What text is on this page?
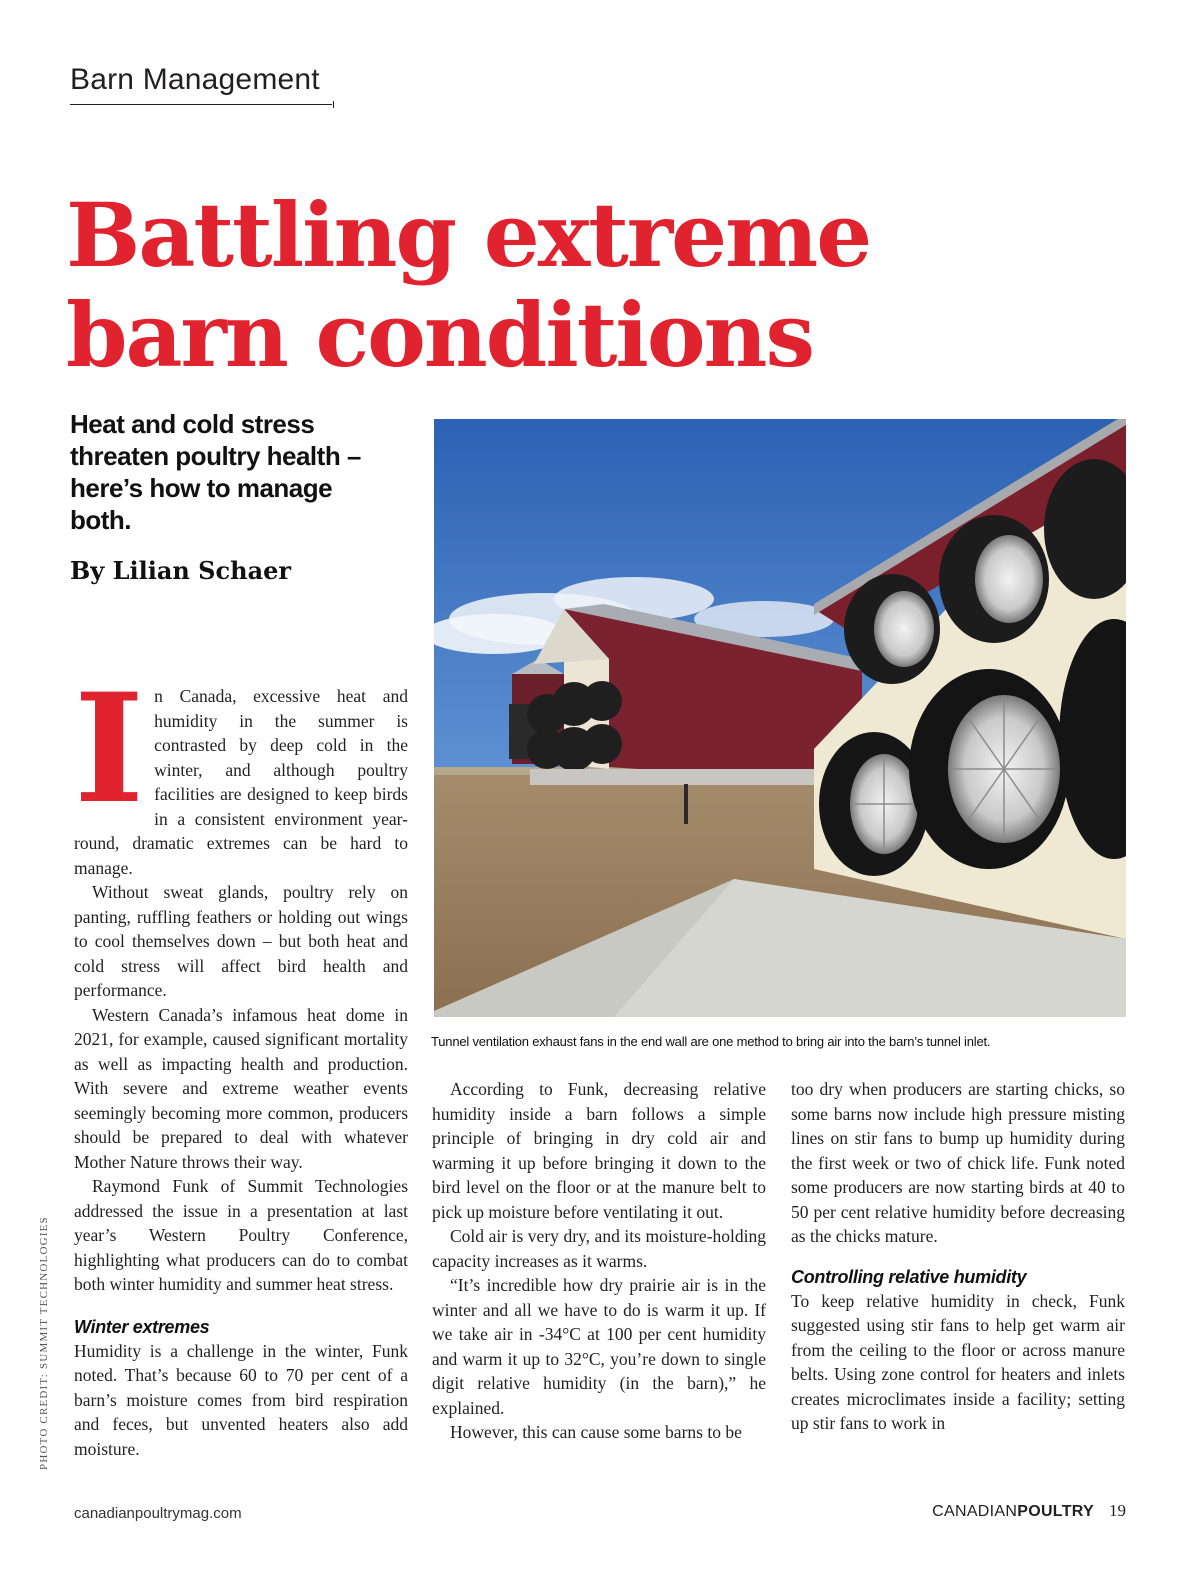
Barn Management
Battling extreme
barn conditions
Heat and cold stress threaten poultry health – here’s how to manage both.
By Lilian Schaer
Tunnel ventilation exhaust fans in the end wall are one method to bring air into the barn’s tunnel inlet.
PHOTO CREDIT: SUMMIT TECHNOLOGIES
I n Canada, excessive heat and humidity in the summer is contrasted by deep cold in the winter, and although poultry facilities are designed to keep birds in a consistent environment year-round, dramatic extremes can be hard to manage.

Without sweat glands, poultry rely on panting, ruffling feathers or holding out wings to cool themselves down – but both heat and cold stress will affect bird health and performance.

Western Canada’s infamous heat dome in 2021, for example, caused significant mortality as well as impacting health and production. With severe and extreme weather events seemingly becoming more common, producers should be prepared to deal with whatever Mother Nature throws their way.

Raymond Funk of Summit Technologies addressed the issue in a presentation at last year’s Western Poultry Conference, highlighting what producers can do to combat both winter humidity and summer heat stress.

Winter extremes

Humidity is a challenge in the winter, Funk noted. That’s because 60 to 70 per cent of a barn’s moisture comes from bird respiration and feces, but unvented heaters also add moisture.

According to Funk, decreasing relative humidity inside a barn follows a simple principle of bringing in dry cold air and warming it up before bringing it down to the bird level on the floor or at the manure belt to pick up moisture before ventilating it out.

Cold air is very dry, and its moisture-holding capacity increases as it warms.

“It’s incredible how dry prairie air is in the winter and all we have to do is warm it up. If we take air in -34°C at 100 per cent humidity and warm it up to 32°C, you’re down to single digit relative humidity (in the barn),” he explained.

However, this can cause some barns to be

too dry when producers are starting chicks, so some barns now include high pressure misting lines on stir fans to bump up humidity during the first week or two of chick life. Funk noted some producers are now starting birds at 40 to 50 per cent relative humidity before decreasing as the chicks mature.

Controlling relative humidity

To keep relative humidity in check, Funk suggested using stir fans to help get warm air from the ceiling to the floor or across manure belts. Using zone control for heaters and inlets creates microclimates inside a facility; setting up stir fans to work in

canadianpoultrymag.com	CANADIANPOULTRY 19
